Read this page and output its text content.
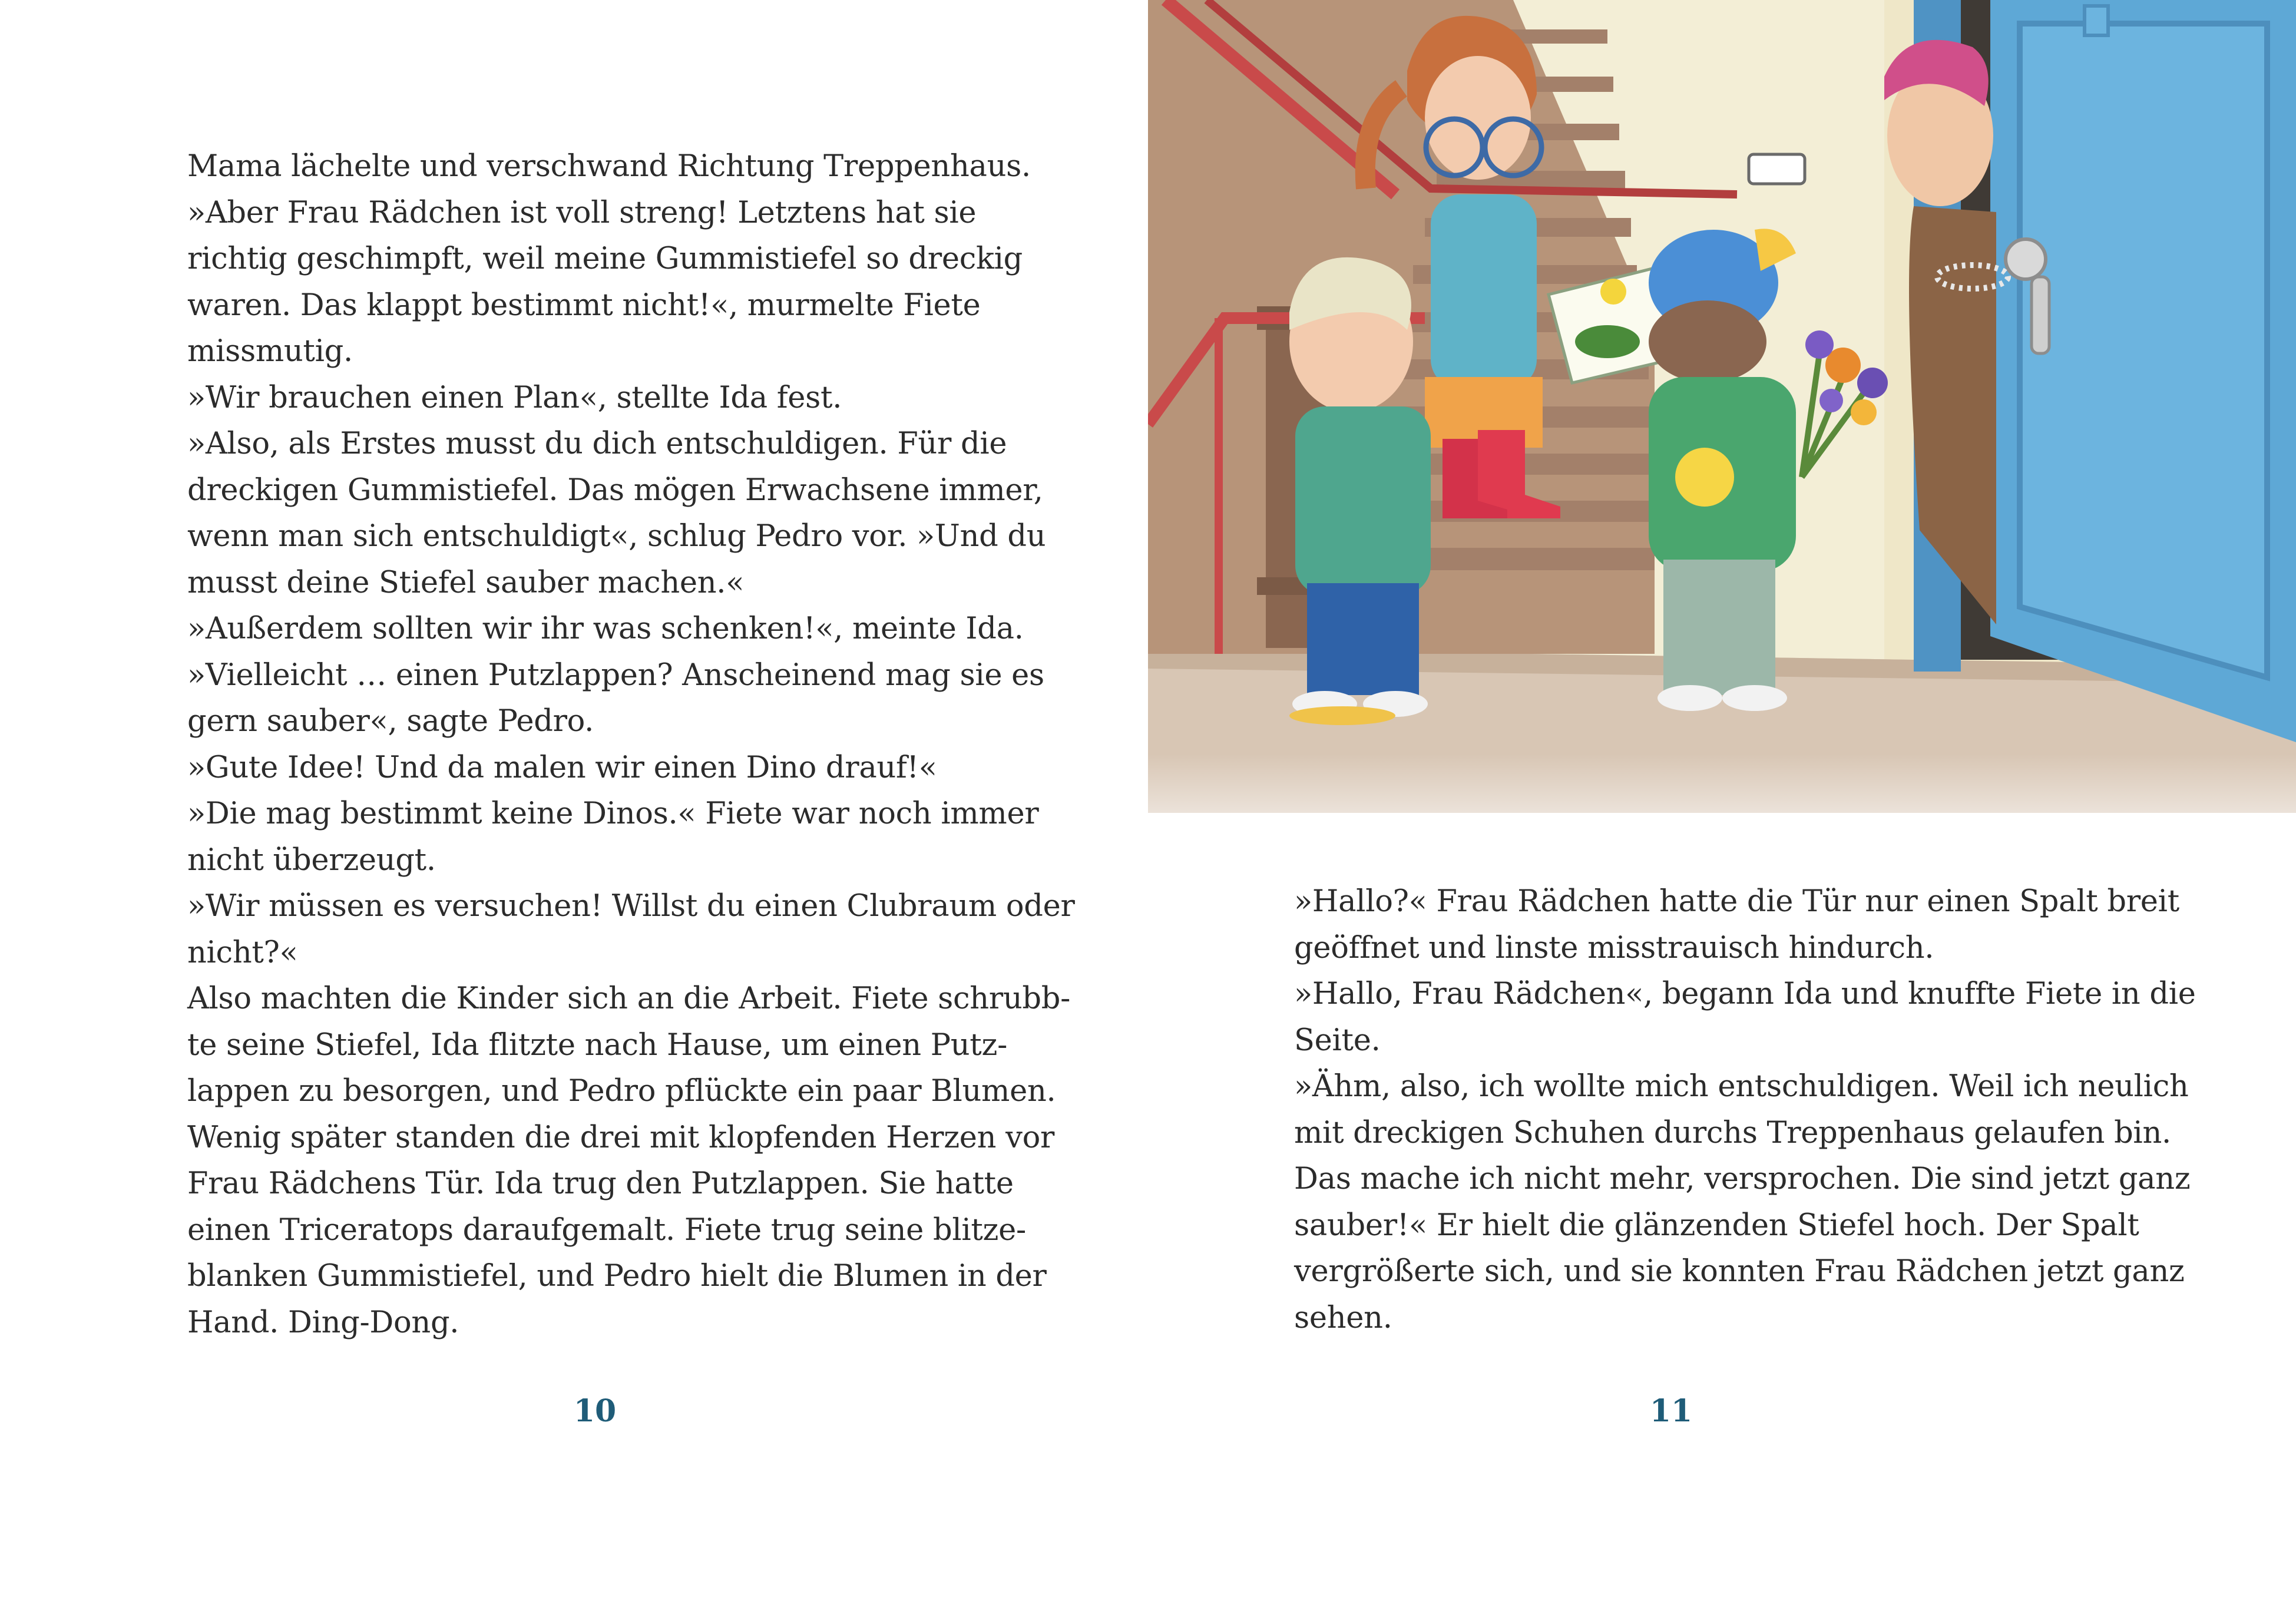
Mama lächelte und verschwand Richtung Treppenhaus.
»Aber Frau Rädchen ist voll streng! Letztens hat sie
richtig geschimpft, weil meine Gummistiefel so dreckig
waren. Das klappt bestimmt nicht!«, murmelte Fiete
missmutig.
»Wir brauchen einen Plan«, stellte Ida fest.
»Also, als Erstes musst du dich entschuldigen. Für die
dreckigen Gummistiefel. Das mögen Erwachsene immer,
wenn man sich entschuldigt«, schlug Pedro vor. »Und du
musst deine Stiefel sauber machen.«
»Außerdem sollten wir ihr was schenken!«, meinte Ida.
»Vielleicht … einen Putzlappen? Anscheinend mag sie es
gern sauber«, sagte Pedro.
»Gute Idee! Und da malen wir einen Dino drauf!«
»Die mag bestimmt keine Dinos.« Fiete war noch immer
nicht überzeugt.
»Wir müssen es versuchen! Willst du einen Clubraum oder
nicht?«
Also machten die Kinder sich an die Arbeit. Fiete schrubb-
te seine Stiefel, Ida flitzte nach Hause, um einen Putz-
lappen zu besorgen, und Pedro pflückte ein paar Blumen.
Wenig später standen die drei mit klopfenden Herzen vor
Frau Rädchens Tür. Ida trug den Putzlappen. Sie hatte
einen Triceratops daraufgemalt. Fiete trug seine blitze-
blanken Gummistiefel, und Pedro hielt die Blumen in der
Hand. Ding-Dong.
10
»Hallo?« Frau Rädchen hatte die Tür nur einen Spalt breit
geöffnet und linste misstrauisch hindurch.
»Hallo, Frau Rädchen«, begann Ida und knuffte Fiete in die
Seite.
»Ähm, also, ich wollte mich entschuldigen. Weil ich neulich
mit dreckigen Schuhen durchs Treppenhaus gelaufen bin.
Das mache ich nicht mehr, versprochen. Die sind jetzt ganz
sauber!« Er hielt die glänzenden Stiefel hoch. Der Spalt
vergrößerte sich, und sie konnten Frau Rädchen jetzt ganz
sehen.
11
